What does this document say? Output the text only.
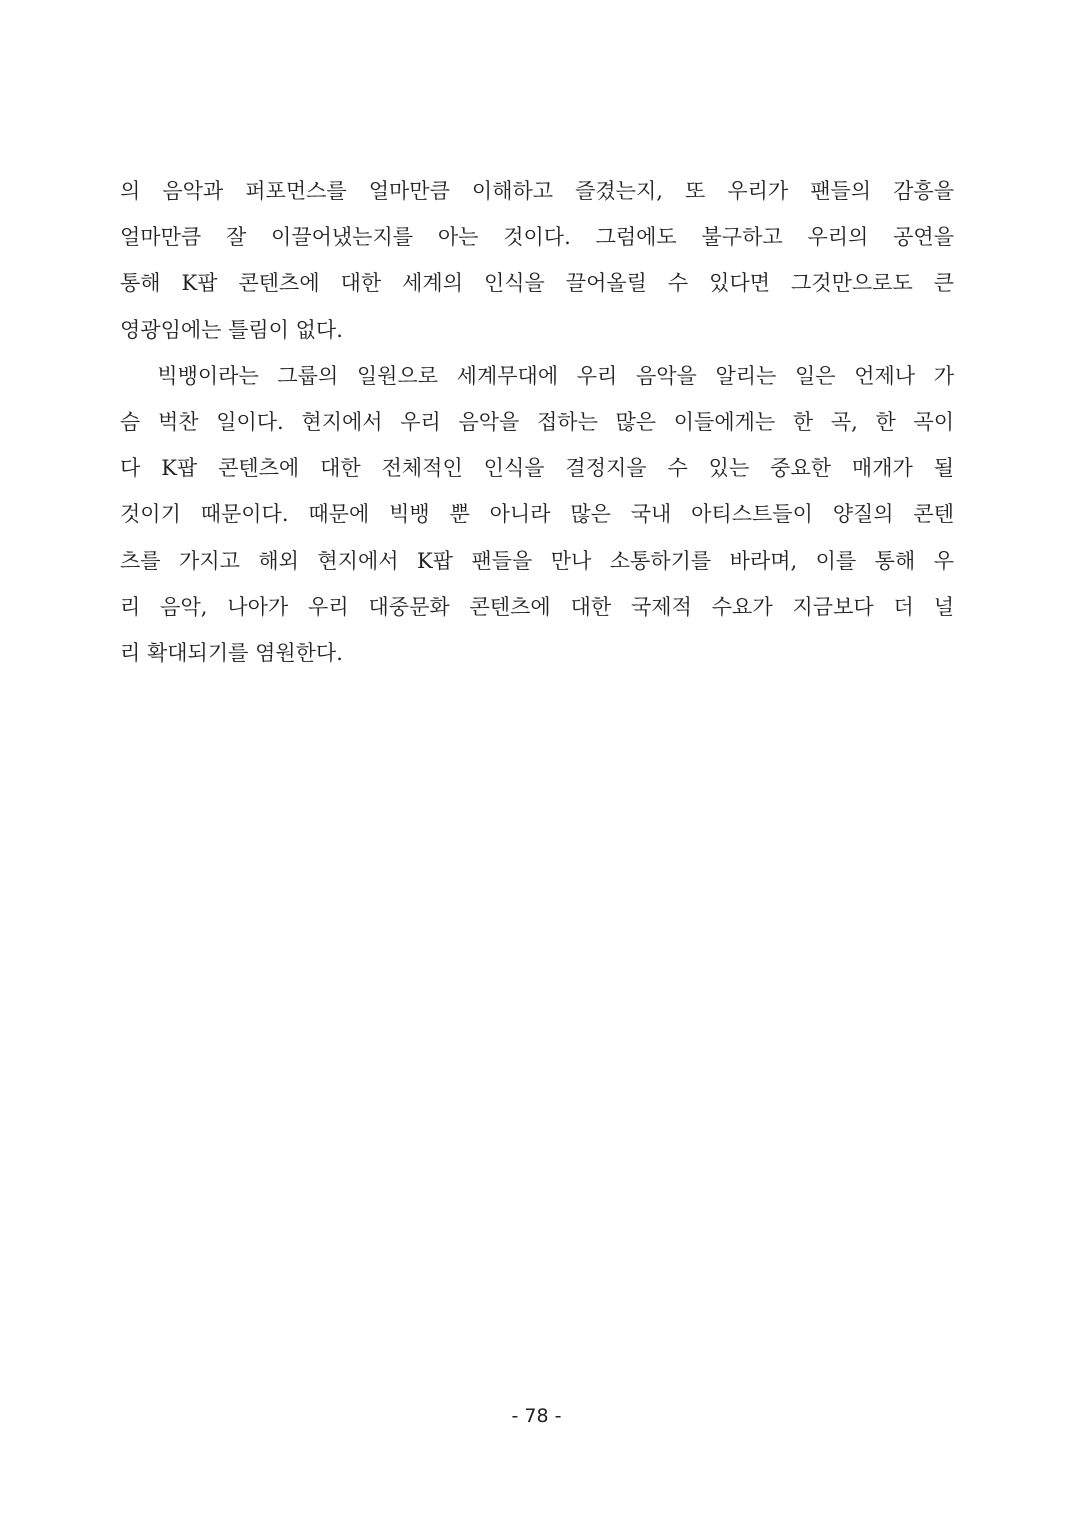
의 음악과 퍼포먼스를 얼마만큼 이해하고 즐겼는지, 또 우리가 팬들의 감흥을
얼마만큼 잘 이끌어냈는지를 아는 것이다. 그럼에도 불구하고 우리의 공연을
통해 K팝 콘텐츠에 대한 세계의 인식을 끌어올릴 수 있다면 그것만으로도 큰
영광임에는 틀림이 없다.
빅뱅이라는 그룹의 일원으로 세계무대에 우리 음악을 알리는 일은 언제나 가
슴 벅찬 일이다. 현지에서 우리 음악을 접하는 많은 이들에게는 한 곡, 한 곡이
다 K팝 콘텐츠에 대한 전체적인 인식을 결정지을 수 있는 중요한 매개가 될
것이기 때문이다. 때문에 빅뱅 뿐 아니라 많은 국내 아티스트들이 양질의 콘텐
츠를 가지고 해외 현지에서 K팝 팬들을 만나 소통하기를 바라며, 이를 통해 우
리 음악, 나아가 우리 대중문화 콘텐츠에 대한 국제적 수요가 지금보다 더 널
리 확대되기를 염원한다.
- 78 -
